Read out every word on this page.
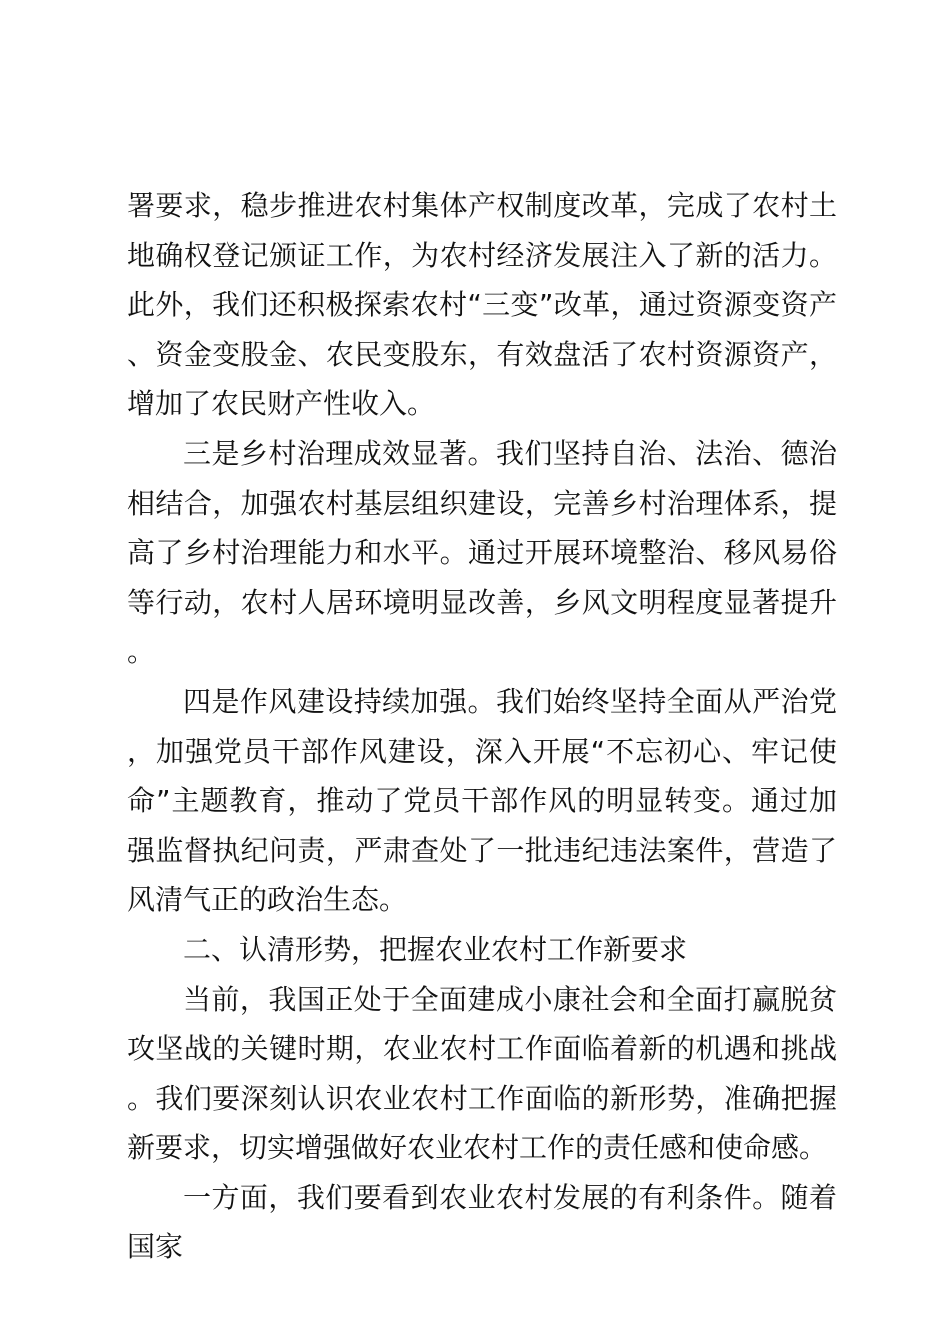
署要求，稳步推进农村集体产权制度改革，完成了农村土地确权登记颁证工作，为农村经济发展注入了新的活力。此外，我们还积极探索农村“三变”改革，通过资源变资产、资金变股金、农民变股东，有效盘活了农村资源资产，增加了农民财产性收入。

三是乡村治理成效显著。我们坚持自治、法治、德治相结合，加强农村基层组织建设，完善乡村治理体系，提高了乡村治理能力和水平。通过开展环境整治、移风易俗等行动，农村人居环境明显改善，乡风文明程度显著提升。

四是作风建设持续加强。我们始终坚持全面从严治党，加强党员干部作风建设，深入开展“不忘初心、牢记使命”主题教育，推动了党员干部作风的明显转变。通过加强监督执纪问责，严肃查处了一批违纪违法案件，营造了风清气正的政治生态。

二、认清形势，把握农业农村工作新要求

当前，我国正处于全面建成小康社会和全面打赢脱贫攻坚战的关键时期，农业农村工作面临着新的机遇和挑战。我们要深刻认识农业农村工作面临的新形势，准确把握新要求，切实增强做好农业农村工作的责任感和使命感。

一方面，我们要看到农业农村发展的有利条件。随着国家
